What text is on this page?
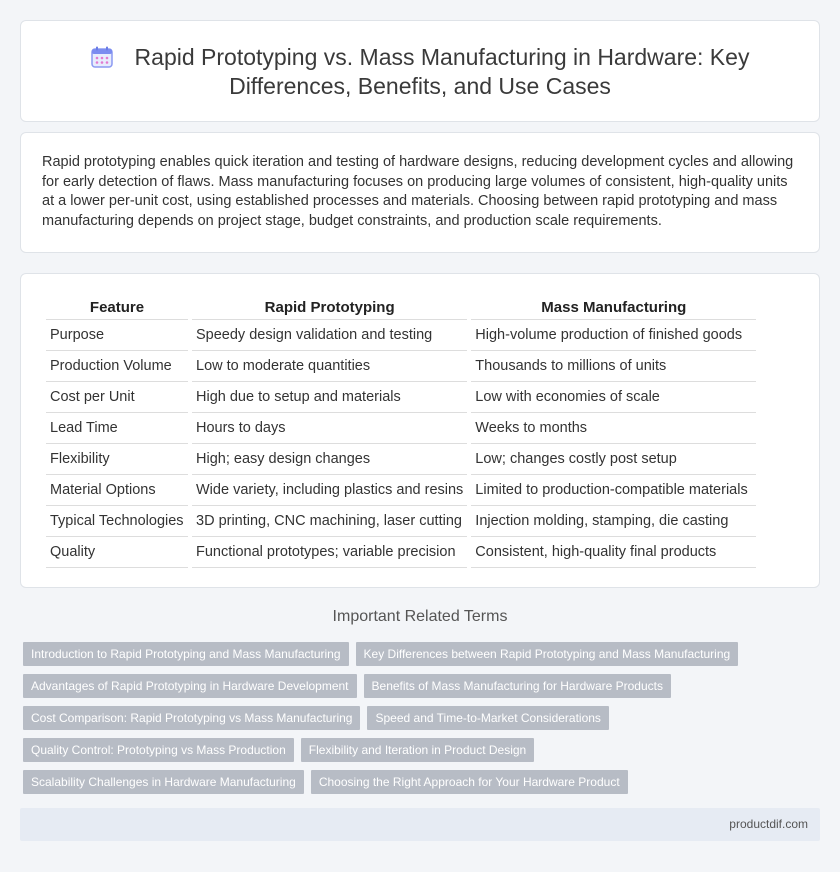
Rapid Prototyping vs. Mass Manufacturing in Hardware: Key Differences, Benefits, and Use Cases

Rapid prototyping enables quick iteration and testing of hardware designs, reducing development cycles and allowing for early detection of flaws. Mass manufacturing focuses on producing large volumes of consistent, high-quality units at a lower per-unit cost, using established processes and materials. Choosing between rapid prototyping and mass manufacturing depends on project stage, budget constraints, and production scale requirements.

Feature	Rapid Prototyping	Mass Manufacturing
Purpose	Speedy design validation and testing	High-volume production of finished goods
Production Volume	Low to moderate quantities	Thousands to millions of units
Cost per Unit	High due to setup and materials	Low with economies of scale
Lead Time	Hours to days	Weeks to months
Flexibility	High; easy design changes	Low; changes costly post setup
Material Options	Wide variety, including plastics and resins	Limited to production-compatible materials
Typical Technologies	3D printing, CNC machining, laser cutting	Injection molding, stamping, die casting
Quality	Functional prototypes; variable precision	Consistent, high-quality final products
Important Related Terms
Introduction to Rapid Prototyping and Mass Manufacturing	Key Differences between Rapid Prototyping and Mass Manufacturing
Advantages of Rapid Prototyping in Hardware Development	Benefits of Mass Manufacturing for Hardware Products
Cost Comparison: Rapid Prototyping vs Mass Manufacturing	Speed and Time-to-Market Considerations
Quality Control: Prototyping vs Mass Production	Flexibility and Iteration in Product Design
Scalability Challenges in Hardware Manufacturing	Choosing the Right Approach for Your Hardware Product
productdif.com
